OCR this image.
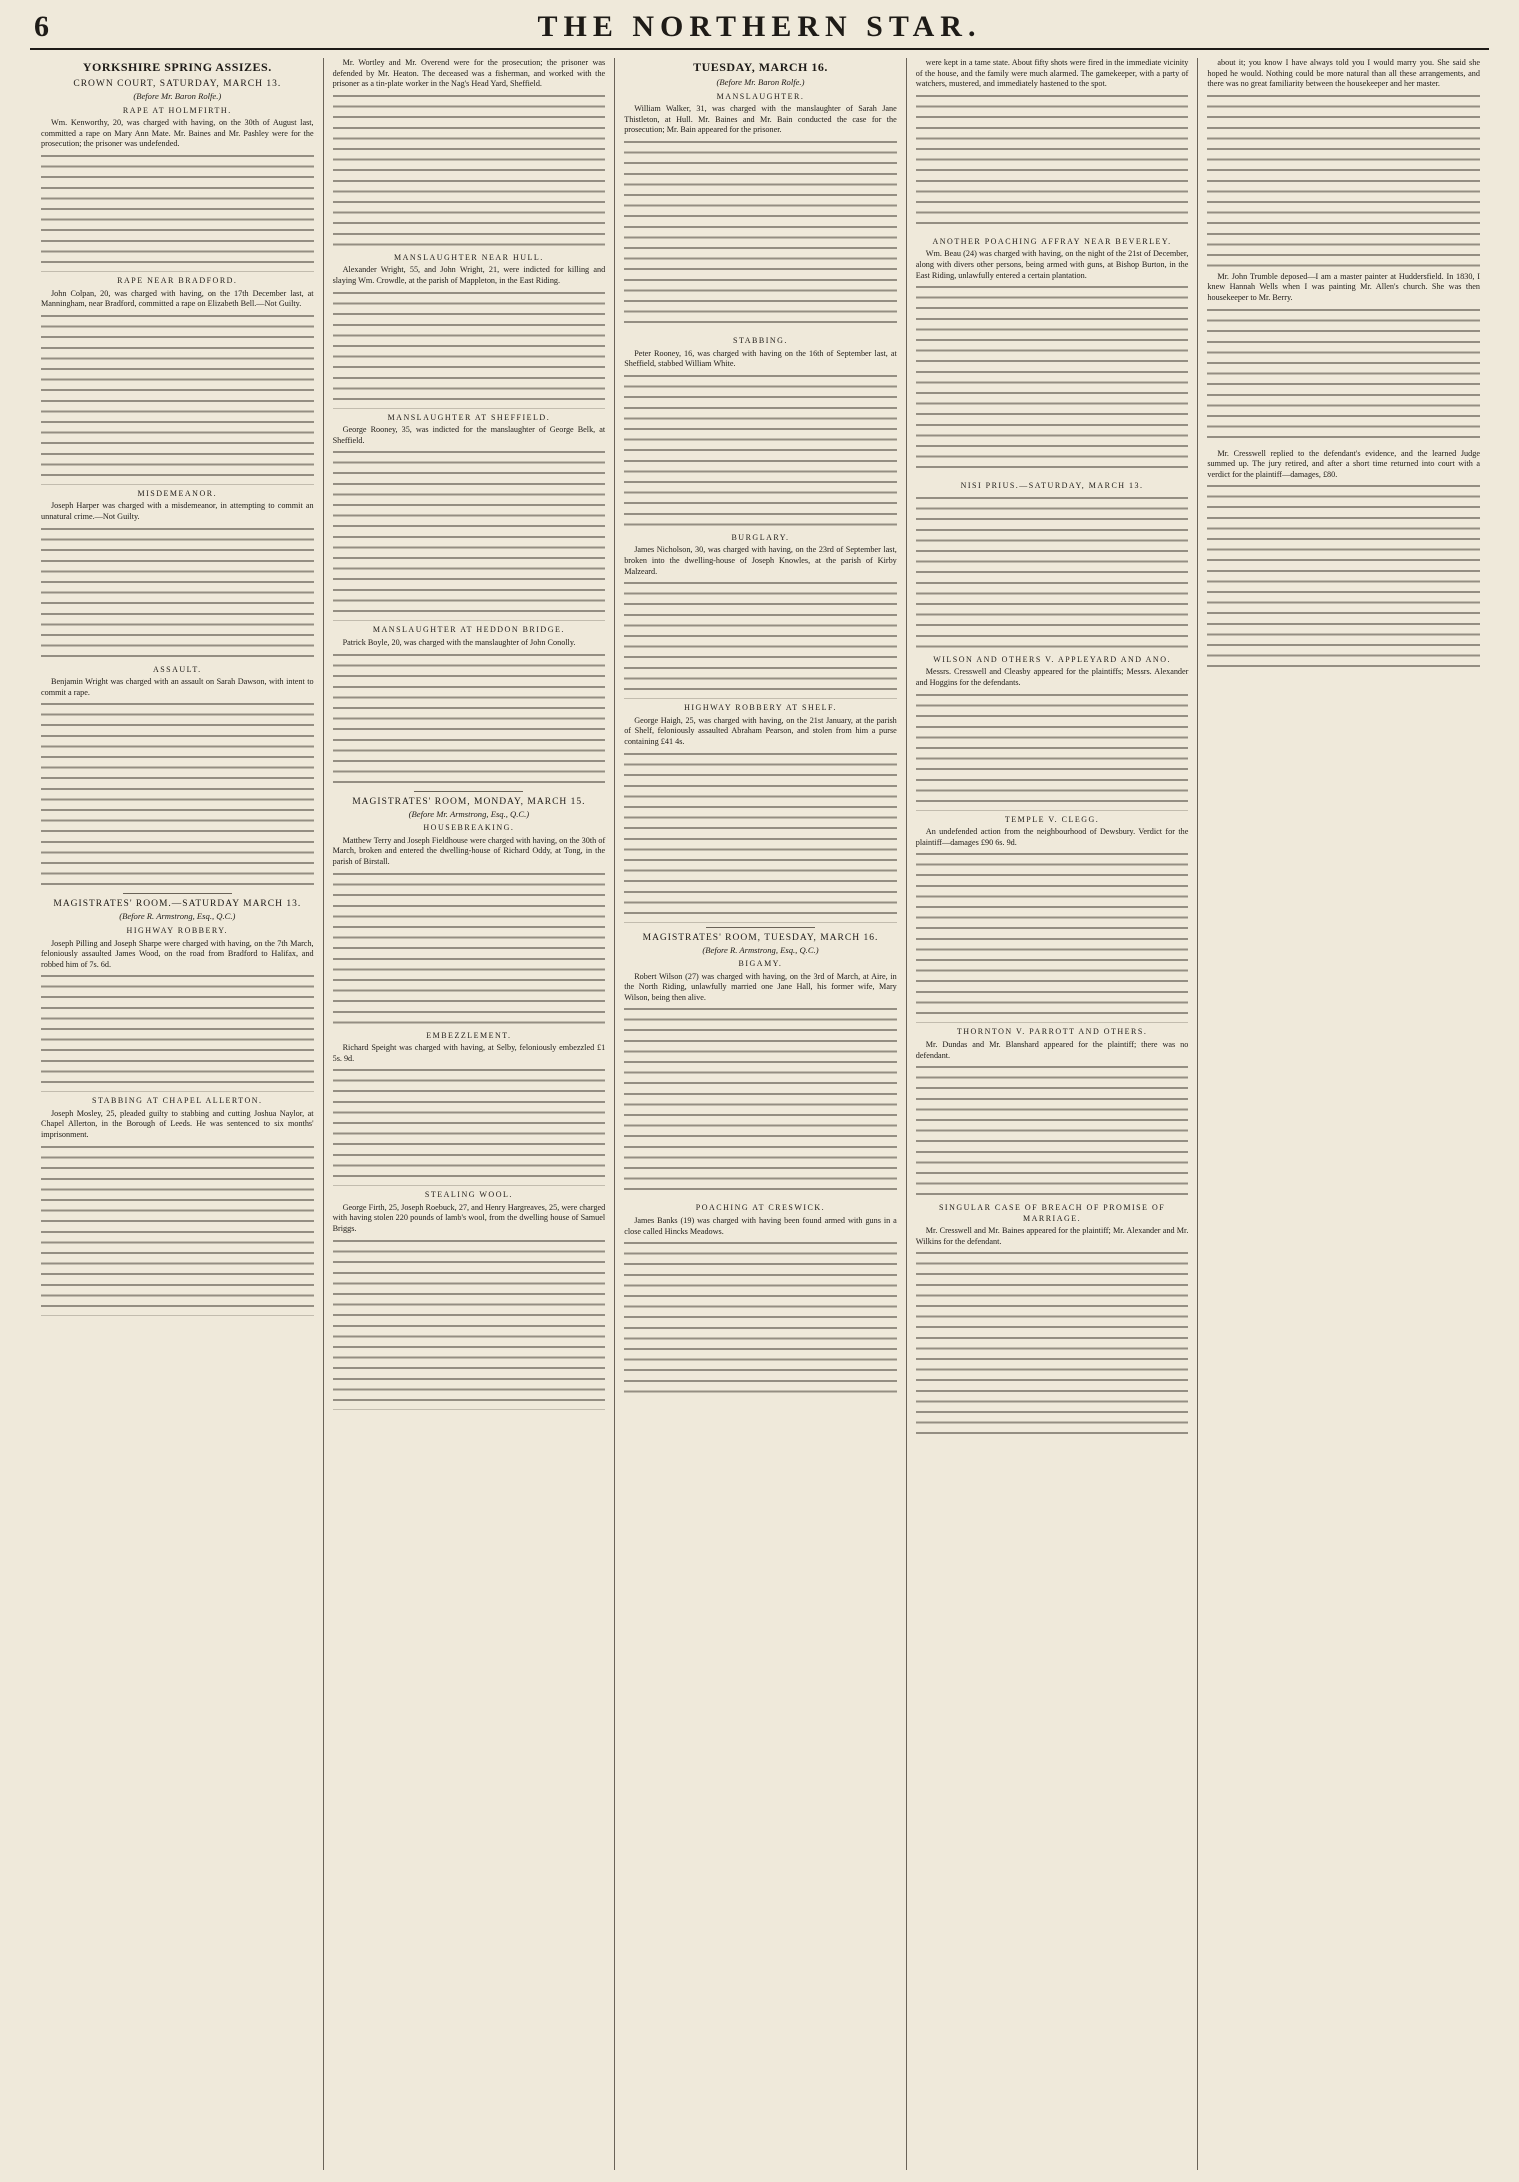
6	THE NORTHERN STAR.
YORKSHIRE SPRING ASSIZES.
CROWN COURT, SATURDAY, MARCH 13.
(Before Mr. Baron Rolfe.)
RAPE AT HOLMFIRTH.

Wm. Kenworthy, 20, was charged with having, on the 30th of August last, committed a rape on Mary Ann Mate. Mr. Baines and Mr. Pashley were for the prosecution; the prisoner was undefended.

RAPE NEAR BRADFORD.

John Colpan, 20, was charged with having, on the 17th December last, at Manningham, near Bradford, committed a rape on Elizabeth Bell.—Not Guilty.

MISDEMEANOR.

Joseph Harper was charged with a misdemeanor, in attempting to commit an unnatural crime.—Not Guilty.

ASSAULT.

Benjamin Wright was charged with an assault on Sarah Dawson, with intent to commit a rape.

MAGISTRATES' ROOM.—SATURDAY MARCH 13.
(Before R. Armstrong, Esq., Q.C.)
HIGHWAY ROBBERY.

Joseph Pilling and Joseph Sharpe were charged with having, on the 7th March, feloniously assaulted James Wood, on the road from Bradford to Halifax, and robbed him of 7s. 6d.

STABBING AT CHAPEL ALLERTON.

Joseph Mosley, 25, pleaded guilty to stabbing and cutting Joshua Naylor, at Chapel Allerton, in the Borough of Leeds. He was sentenced to six months' imprisonment.

Mr. Wortley and Mr. Overend were for the prosecution; the prisoner was defended by Mr. Heaton. The deceased was a fisherman, and worked with the prisoner as a tin-plate worker in the Nag's Head Yard, Sheffield.

MANSLAUGHTER NEAR HULL.

Alexander Wright, 55, and John Wright, 21, were indicted for killing and slaying Wm. Crowdle, at the parish of Mappleton, in the East Riding.

MANSLAUGHTER AT SHEFFIELD.

George Rooney, 35, was indicted for the manslaughter of George Belk, at Sheffield.

MANSLAUGHTER AT HEDDON BRIDGE.

Patrick Boyle, 20, was charged with the manslaughter of John Conolly.

MAGISTRATES' ROOM, MONDAY, MARCH 15.
(Before Mr. Armstrong, Esq., Q.C.)
HOUSEBREAKING.

Matthew Terry and Joseph Fieldhouse were charged with having, on the 30th of March, broken and entered the dwelling-house of Richard Oddy, at Tong, in the parish of Birstall.

EMBEZZLEMENT.

Richard Speight was charged with having, at Selby, feloniously embezzled £1 5s. 9d.

STEALING WOOL.

George Firth, 25, Joseph Roebuck, 27, and Henry Hargreaves, 25, were charged with having stolen 220 pounds of lamb's wool, from the dwelling house of Samuel Briggs.

TUESDAY, MARCH 16.
(Before Mr. Baron Rolfe.)
MANSLAUGHTER.

William Walker, 31, was charged with the manslaughter of Sarah Jane Thistleton, at Hull. Mr. Baines and Mr. Bain conducted the case for the prosecution; Mr. Bain appeared for the prisoner.

STABBING.

Peter Rooney, 16, was charged with having on the 16th of September last, at Sheffield, stabbed William White.

BURGLARY.

James Nicholson, 30, was charged with having, on the 23rd of September last, broken into the dwelling-house of Joseph Knowles, at the parish of Kirby Malzeard.

HIGHWAY ROBBERY AT SHELF.

George Haigh, 25, was charged with having, on the 21st January, at the parish of Shelf, feloniously assaulted Abraham Pearson, and stolen from him a purse containing £41 4s.

MAGISTRATES' ROOM, TUESDAY, MARCH 16.
(Before R. Armstrong, Esq., Q.C.)
BIGAMY.

Robert Wilson (27) was charged with having, on the 3rd of March, at Aire, in the North Riding, unlawfully married one Jane Hall, his former wife, Mary Wilson, being then alive.

POACHING AT CRESWICK.

James Banks (19) was charged with having been found armed with guns in a close called Hincks Meadows.

were kept in a tame state. About fifty shots were fired in the immediate vicinity of the house, and the family were much alarmed. The gamekeeper, with a party of watchers, mustered, and immediately hastened to the spot.

ANOTHER POACHING AFFRAY NEAR BEVERLEY.

Wm. Beau (24) was charged with having, on the night of the 21st of December, along with divers other persons, being armed with guns, at Bishop Burton, in the East Riding, unlawfully entered a certain plantation.

NISI PRIUS.—SATURDAY, MARCH 13.

WILSON AND OTHERS V. APPLEYARD AND ANO.

Messrs. Cresswell and Cleasby appeared for the plaintiffs; Messrs. Alexander and Hoggins for the defendants.

TEMPLE V. CLEGG.

An undefended action from the neighbourhood of Dewsbury. Verdict for the plaintiff—damages £90 6s. 9d.

THORNTON V. PARROTT AND OTHERS.

Mr. Dundas and Mr. Blanshard appeared for the plaintiff; there was no defendant.

SINGULAR CASE OF BREACH OF PROMISE OF MARRIAGE.

Mr. Cresswell and Mr. Baines appeared for the plaintiff; Mr. Alexander and Mr. Wilkins for the defendant.

about it; you know I have always told you I would marry you. She said she hoped he would. Nothing could be more natural than all these arrangements, and there was no great familiarity between the housekeeper and her master.

Mr. John Trumble deposed—I am a master painter at Huddersfield. In 1830, I knew Hannah Wells when I was painting Mr. Allen's church. She was then housekeeper to Mr. Berry.

Mr. Cresswell replied to the defendant's evidence, and the learned Judge summed up. The jury retired, and after a short time returned into court with a verdict for the plaintiff—damages, £80.
